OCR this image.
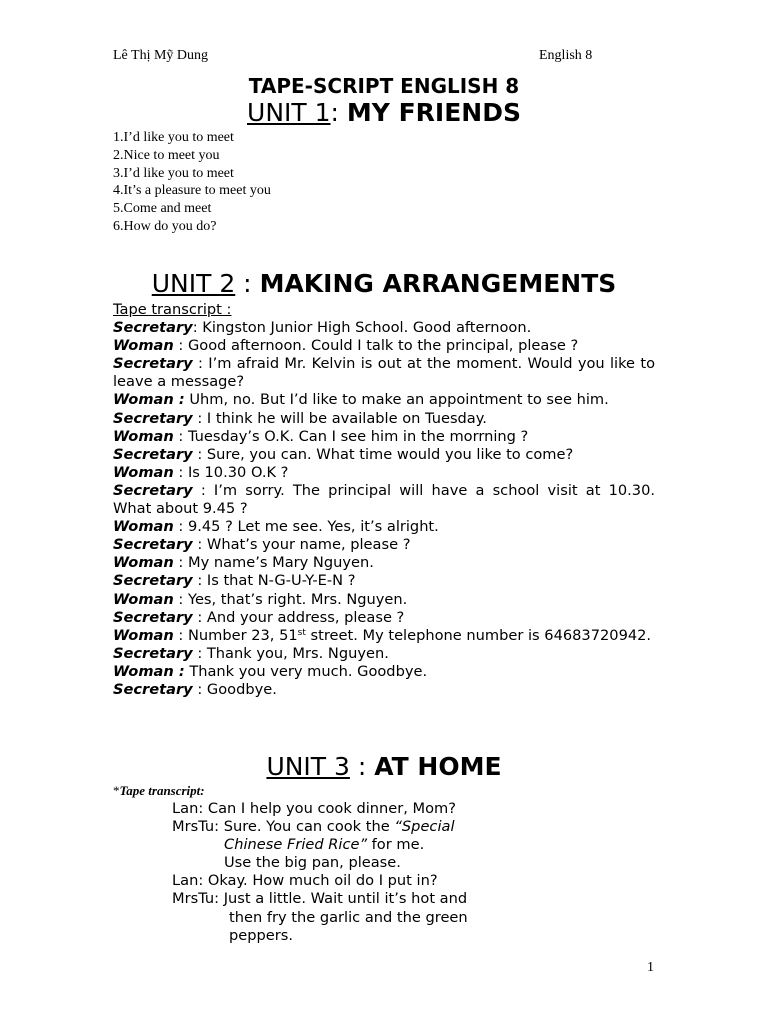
Lê Thị Mỹ Dung	English 8
TAPE-SCRIPT ENGLISH 8
UNIT 1: MY FRIENDS
1.I’d like you to meet
2.Nice to meet you
3.I’d like you to meet
4.It’s a pleasure to meet you
5.Come and meet
6.How do you do?
UNIT 2 : MAKING ARRANGEMENTS
Tape transcript :
Secretary: Kingston Junior High School. Good afternoon.
Woman : Good afternoon. Could I talk to the principal, please ?
Secretary : I’m afraid Mr. Kelvin is out at the moment. Would you like to leave a message?
Woman : Uhm, no. But I’d like to make an appointment to see him.
Secretary : I think he will be available on Tuesday.
Woman : Tuesday’s O.K. Can I see him in the morrning ?
Secretary : Sure, you can. What time would you like to come?
Woman : Is 10.30 O.K ?
Secretary : I’m sorry. The principal will have a school visit at 10.30. What about 9.45 ?
Woman : 9.45 ? Let me see. Yes, it’s alright.
Secretary : What’s your name, please ?
Woman : My name’s Mary Nguyen.
Secretary : Is that N-G-U-Y-E-N ?
Woman : Yes, that’s right. Mrs. Nguyen.
Secretary : And your address, please ?
Woman : Number 23, 51st street. My telephone number is 64683720942.
Secretary : Thank you, Mrs. Nguyen.
Woman : Thank you very much. Goodbye.
Secretary : Goodbye.
UNIT 3 : AT HOME
*Tape transcript:
Lan: Can I help you cook dinner, Mom?
MrsTu: Sure. You can cook the “Special
Chinese Fried Rice” for me.
Use the big pan, please.
Lan: Okay. How much oil do I put in?
MrsTu: Just a little. Wait until it’s hot and
then fry the garlic and the green
peppers.
1
